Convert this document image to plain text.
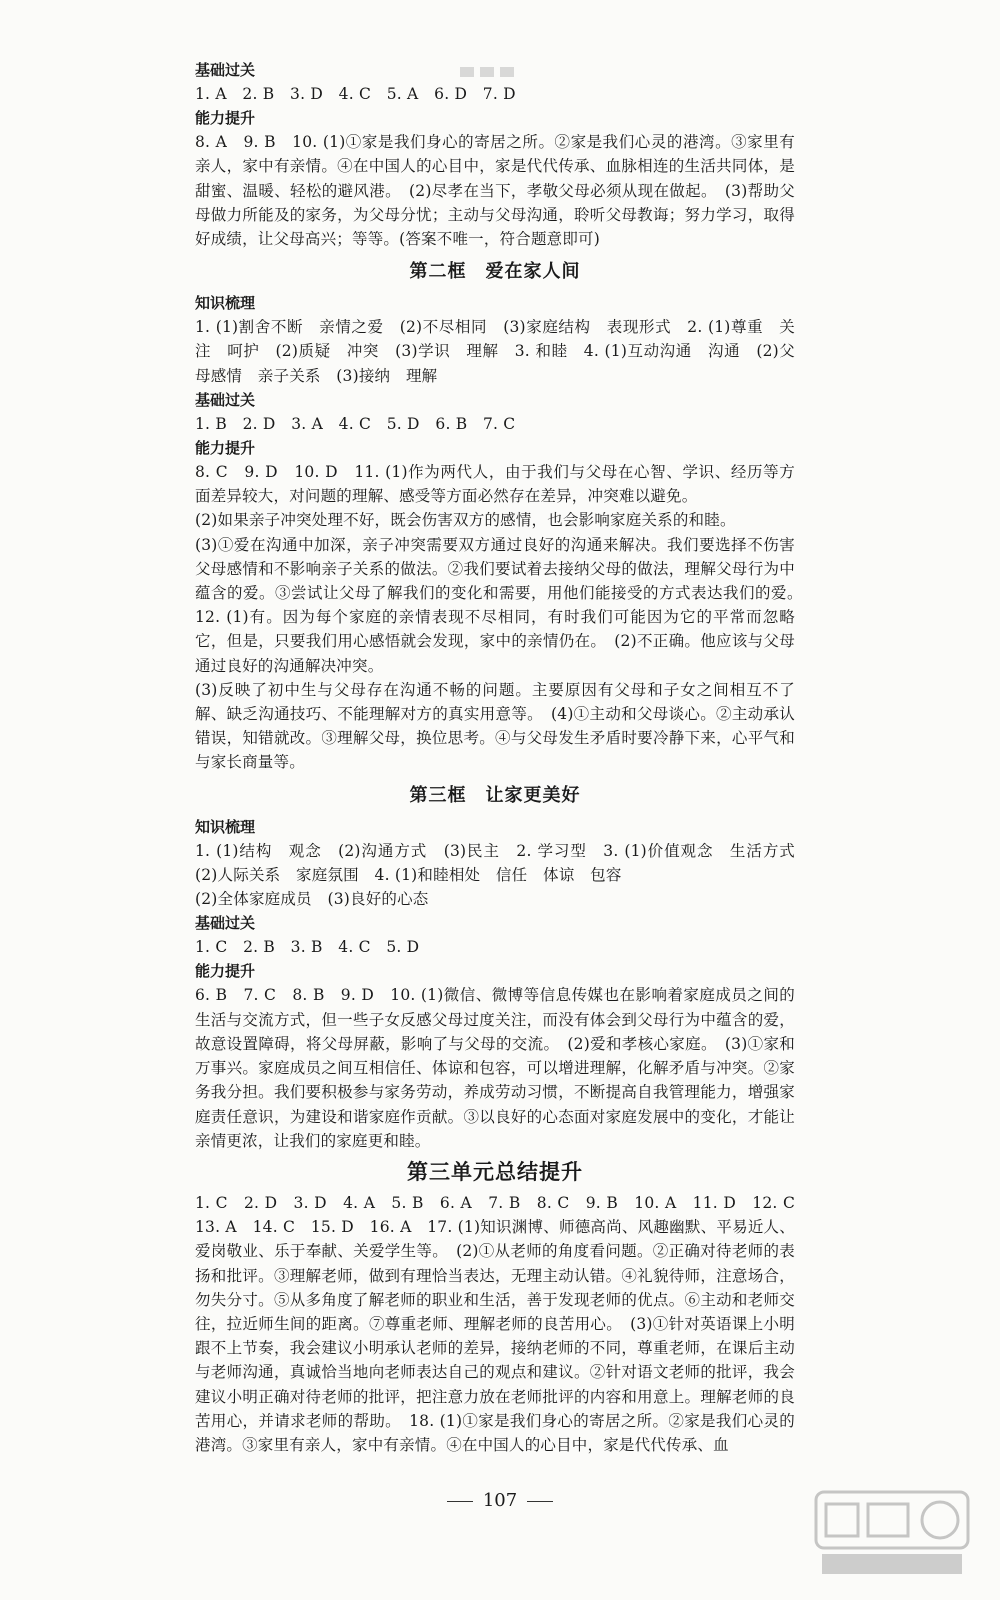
基础过关

1. A　2. B　3. D　4. C　5. A　6. D　7. D

能力提升

8. A　9. B　10. (1)①家是我们身心的寄居之所。②家是我们心灵的港湾。③家里有亲人，家中有亲情。④在中国人的心目中，家是代代传承、血脉相连的生活共同体，是甜蜜、温暖、轻松的避风港。　(2)尽孝在当下，孝敬父母必须从现在做起。　(3)帮助父母做力所能及的家务，为父母分忧；主动与父母沟通，聆听父母教诲；努力学习，取得好成绩，让父母高兴；等等。(答案不唯一，符合题意即可)

第二框　爱在家人间

知识梳理

1. (1)割舍不断　亲情之爱　(2)不尽相同　(3)家庭结构　表现形式　2. (1)尊重　关注　呵护　(2)质疑　冲突　(3)学识　理解　3. 和睦　4. (1)互动沟通　沟通　(2)父母感情　亲子关系　(3)接纳　理解

基础过关

1. B　2. D　3. A　4. C　5. D　6. B　7. C

能力提升

8. C　9. D　10. D　11. (1)作为两代人，由于我们与父母在心智、学识、经历等方面差异较大，对问题的理解、感受等方面必然存在差异，冲突难以避免。

(2)如果亲子冲突处理不好，既会伤害双方的感情，也会影响家庭关系的和睦。

(3)①爱在沟通中加深，亲子冲突需要双方通过良好的沟通来解决。我们要选择不伤害父母感情和不影响亲子关系的做法。②我们要试着去接纳父母的做法，理解父母行为中蕴含的爱。③尝试让父母了解我们的变化和需要，用他们能接受的方式表达我们的爱。　12. (1)有。因为每个家庭的亲情表现不尽相同，有时我们可能因为它的平常而忽略它，但是，只要我们用心感悟就会发现，家中的亲情仍在。　(2)不正确。他应该与父母通过良好的沟通解决冲突。

(3)反映了初中生与父母存在沟通不畅的问题。主要原因有父母和子女之间相互不了解、缺乏沟通技巧、不能理解对方的真实用意等。　(4)①主动和父母谈心。②主动承认错误，知错就改。③理解父母，换位思考。④与父母发生矛盾时要冷静下来，心平气和与家长商量等。

第三框　让家更美好

知识梳理

1. (1)结构　观念　(2)沟通方式　(3)民主　2. 学习型　3. (1)价值观念　生活方式　(2)人际关系　家庭氛围　4. (1)和睦相处　信任　体谅　包容

(2)全体家庭成员　(3)良好的心态

基础过关

1. C　2. B　3. B　4. C　5. D

能力提升

6. B　7. C　8. B　9. D　10. (1)微信、微博等信息传媒也在影响着家庭成员之间的生活与交流方式，但一些子女反感父母过度关注，而没有体会到父母行为中蕴含的爱，故意设置障碍，将父母屏蔽，影响了与父母的交流。　(2)爱和孝核心家庭。　(3)①家和万事兴。家庭成员之间互相信任、体谅和包容，可以增进理解，化解矛盾与冲突。②家务我分担。我们要积极参与家务劳动，养成劳动习惯，不断提高自我管理能力，增强家庭责任意识，为建设和谐家庭作贡献。③以良好的心态面对家庭发展中的变化，才能让亲情更浓，让我们的家庭更和睦。

第三单元总结提升

1. C　2. D　3. D　4. A　5. B　6. A　7. B　8. C　9. B　10. A　11. D　12. C　13. A　14. C　15. D　16. A　17. (1)知识渊博、师德高尚、风趣幽默、平易近人、爱岗敬业、乐于奉献、关爱学生等。　(2)①从老师的角度看问题。②正确对待老师的表扬和批评。③理解老师，做到有理恰当表达，无理主动认错。④礼貌待师，注意场合，勿失分寸。⑤从多角度了解老师的职业和生活，善于发现老师的优点。⑥主动和老师交往，拉近师生间的距离。⑦尊重老师、理解老师的良苦用心。　(3)①针对英语课上小明跟不上节奏，我会建议小明承认老师的差异，接纳老师的不同，尊重老师，在课后主动与老师沟通，真诚恰当地向老师表达自己的观点和建议。②针对语文老师的批评，我会建议小明正确对待老师的批评，把注意力放在老师批评的内容和用意上。理解老师的良苦用心，并请求老师的帮助。　18. (1)①家是我们身心的寄居之所。②家是我们心灵的港湾。③家里有亲人，家中有亲情。④在中国人的心目中，家是代代传承、血

107
